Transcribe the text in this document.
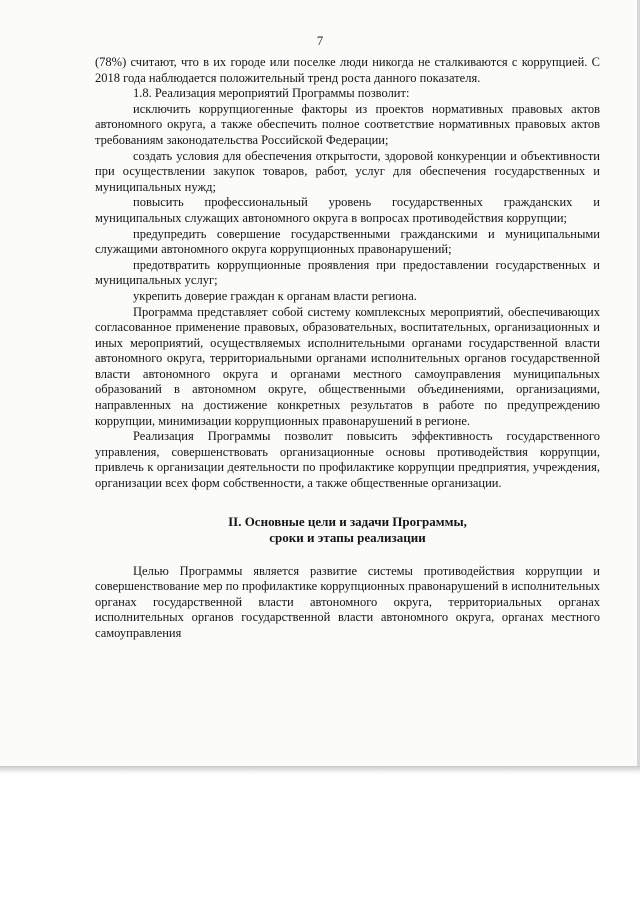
7

(78%) считают, что в их городе или поселке люди никогда не сталкиваются с коррупцией. С 2018 года наблюдается положительный тренд роста данного показателя.

1.8. Реализация мероприятий Программы позволит:

исключить коррупциогенные факторы из проектов нормативных правовых актов автономного округа, а также обеспечить полное соответствие нормативных правовых актов требованиям законодательства Российской Федерации;

создать условия для обеспечения открытости, здоровой конкуренции и объективности при осуществлении закупок товаров, работ, услуг для обеспечения государственных и муниципальных нужд;

повысить профессиональный уровень государственных гражданских и муниципальных служащих автономного округа в вопросах противодействия коррупции;

предупредить совершение государственными гражданскими и муниципальными служащими автономного округа коррупционных правонарушений;

предотвратить коррупционные проявления при предоставлении государственных и муниципальных услуг;

укрепить доверие граждан к органам власти региона.

Программа представляет собой систему комплексных мероприятий, обеспечивающих согласованное применение правовых, образовательных, воспитательных, организационных и иных мероприятий, осуществляемых исполнительными органами государственной власти автономного округа, территориальными органами исполнительных органов государственной власти автономного округа и органами местного самоуправления муниципальных образований в автономном округе, общественными объединениями, организациями, направленных на достижение конкретных результатов в работе по предупреждению коррупции, минимизации коррупционных правонарушений в регионе.

Реализация Программы позволит повысить эффективность государственного управления, совершенствовать организационные основы противодействия коррупции, привлечь к организации деятельности по профилактике коррупции предприятия, учреждения, организации всех форм собственности, а также общественные организации.

II. Основные цели и задачи Программы,
сроки и этапы реализации

Целью Программы является развитие системы противодействия коррупции и совершенствование мер по профилактике коррупционных правонарушений в исполнительных органах государственной власти автономного округа, территориальных органах исполнительных органов государственной власти автономного округа, органах местного самоуправления
